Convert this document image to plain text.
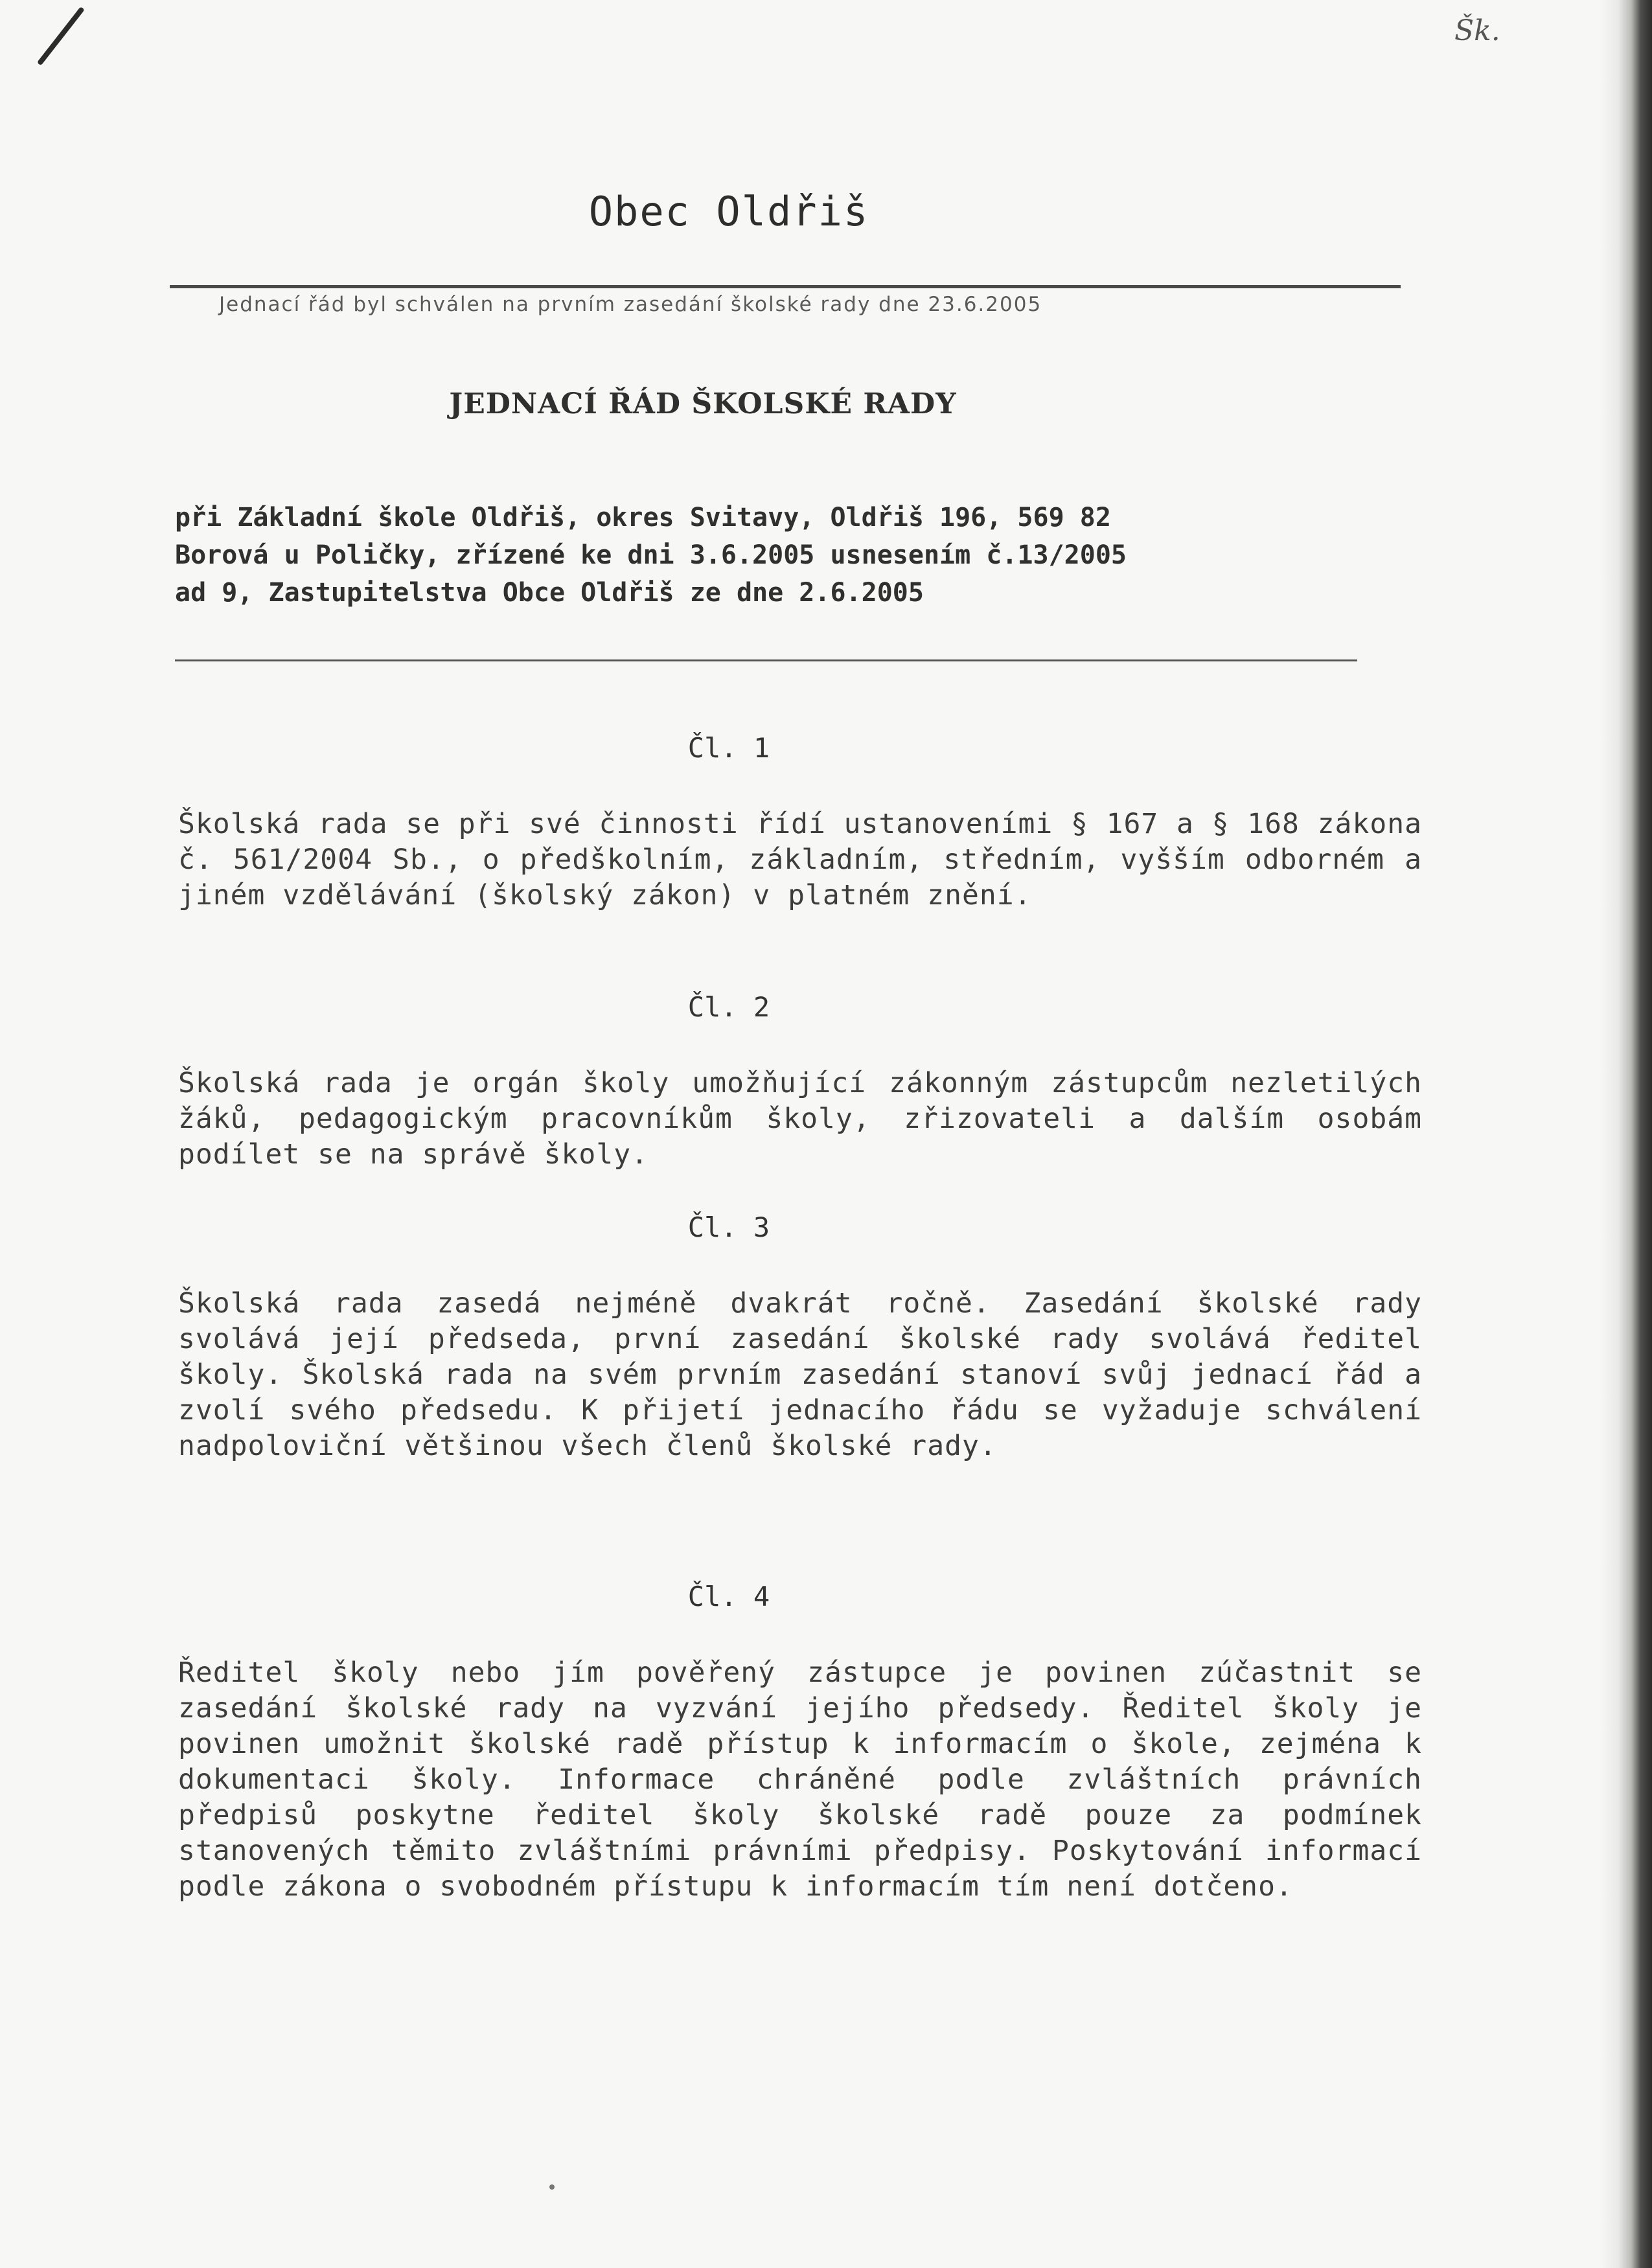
Šk.
Obec Oldřiš
Jednací řád byl schválen na prvním zasedání školské rady dne 23.6.2005
JEDNACÍ ŘÁD ŠKOLSKÉ RADY
při Základní škole Oldřiš, okres Svitavy, Oldřiš 196, 569 82
Borová u Poličky, zřízené ke dni 3.6.2005 usnesením č.13/2005
ad 9, Zastupitelstva Obce Oldřiš ze dne 2.6.2005
Čl. 1
Školská rada se při své činnosti řídí ustanoveními § 167 a § 168 zákona č. 561/2004 Sb., o předškolním, základním, středním, vyšším odborném a jiném vzdělávání (školský zákon) v platném znění.
Čl. 2
Školská rada je orgán školy umožňující zákonným zástupcům nezletilých žáků, pedagogickým pracovníkům školy, zřizovateli a dalším osobám podílet se na správě školy.
Čl. 3
Školská rada zasedá nejméně dvakrát ročně. Zasedání školské rady svolává její předseda, první zasedání školské rady svolává ředitel školy. Školská rada na svém prvním zasedání stanoví svůj jednací řád a zvolí svého předsedu. K přijetí jednacího řádu se vyžaduje schválení nadpoloviční většinou všech členů školské rady.
Čl. 4
Ředitel školy nebo jím pověřený zástupce je povinen zúčastnit se zasedání školské rady na vyzvání jejího předsedy. Ředitel školy je povinen umožnit školské radě přístup k informacím o škole, zejména k dokumentaci školy. Informace chráněné podle zvláštních právních předpisů poskytne ředitel školy školské radě pouze za podmínek stanovených těmito zvláštními právními předpisy. Poskytování informací podle zákona o svobodném přístupu k informacím tím není dotčeno.
